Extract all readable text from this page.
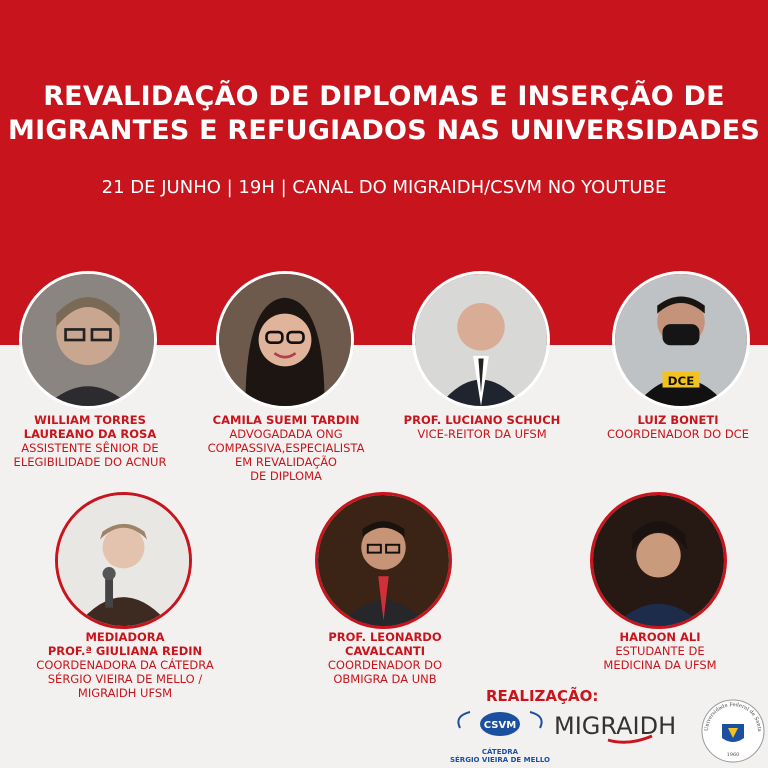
REVALIDAÇÃO DE DIPLOMAS E INSERÇÃO DE
MIGRANTES E REFUGIADOS NAS UNIVERSIDADES
21 DE JUNHO | 19H | CANAL DO MIGRAIDH/CSVM NO YOUTUBE
DCE
WILLIAM TORRES
LAUREANO DA ROSA
ASSISTENTE SÊNIOR DE
ELEGIBILIDADE DO ACNUR
CAMILA SUEMI TARDIN
ADVOGADADA ONG
COMPASSIVA,ESPECIALISTA
EM REVALIDAÇÃO
DE DIPLOMA
PROF. LUCIANO SCHUCH
VICE-REITOR DA UFSM
LUIZ BONETI
COORDENADOR DO DCE
MEDIADORA
PROF.ª GIULIANA REDIN
COORDENADORA DA CÁTEDRA
SÉRGIO VIEIRA DE MELLO /
MIGRAIDH UFSM
PROF. LEONARDO
CAVALCANTI
COORDENADOR DO
OBMIGRA DA UNB
HAROON ALI
ESTUDANTE DE
MEDICINA DA UFSM
REALIZAÇÃO:
CSVM
CÁTEDRA
SÉRGIO VIEIRA DE MELLO
MIGRAIDH	Universidade Federal de Santa
1960
